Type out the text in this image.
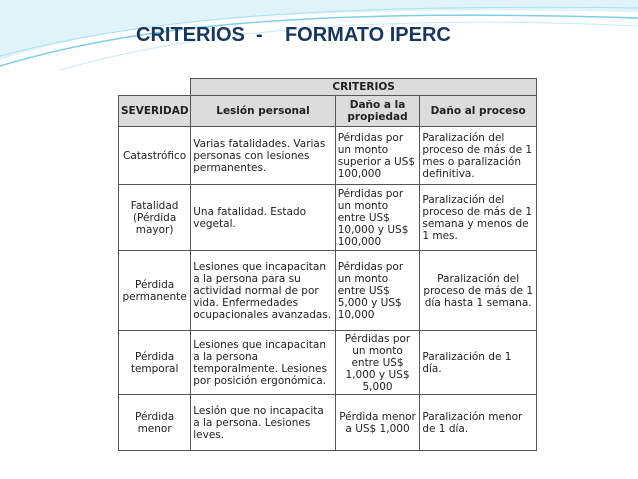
CRITERIOS - FORMATO IPERC
	CRITERIOS		
SEVERIDAD	Lesión personal	Daño a la propiedad	Daño al proceso
Catastrófico	Varias fatalidades. Varias personas con lesiones permanentes.	Pérdidas por un monto superior a US$ 100,000	Paralización del proceso de más de 1 mes o paralización definitiva.
Fatalidad (Pérdida mayor)	Una fatalidad. Estado vegetal.	Pérdidas por un monto entre US$ 10,000 y US$ 100,000	Paralización del proceso de más de 1 semana y menos de 1 mes.
Pérdida permanente	Lesiones que incapacitan a la persona para su actividad normal de por vida. Enfermedades ocupacionales avanzadas.	Pérdidas por un monto entre US$ 5,000 y US$ 10,000	Paralización del proceso de más de 1 día hasta 1 semana.
Pérdida temporal	Lesiones que incapacitan a la persona temporalmente. Lesiones por posición ergonómica.	Pérdidas por un monto entre US$ 1,000 y US$ 5,000	Paralización de 1 día.
Pérdida menor	Lesión que no incapacita a la persona. Lesiones leves.	Pérdida menor a US$ 1,000	Paralización menor de 1 día.
